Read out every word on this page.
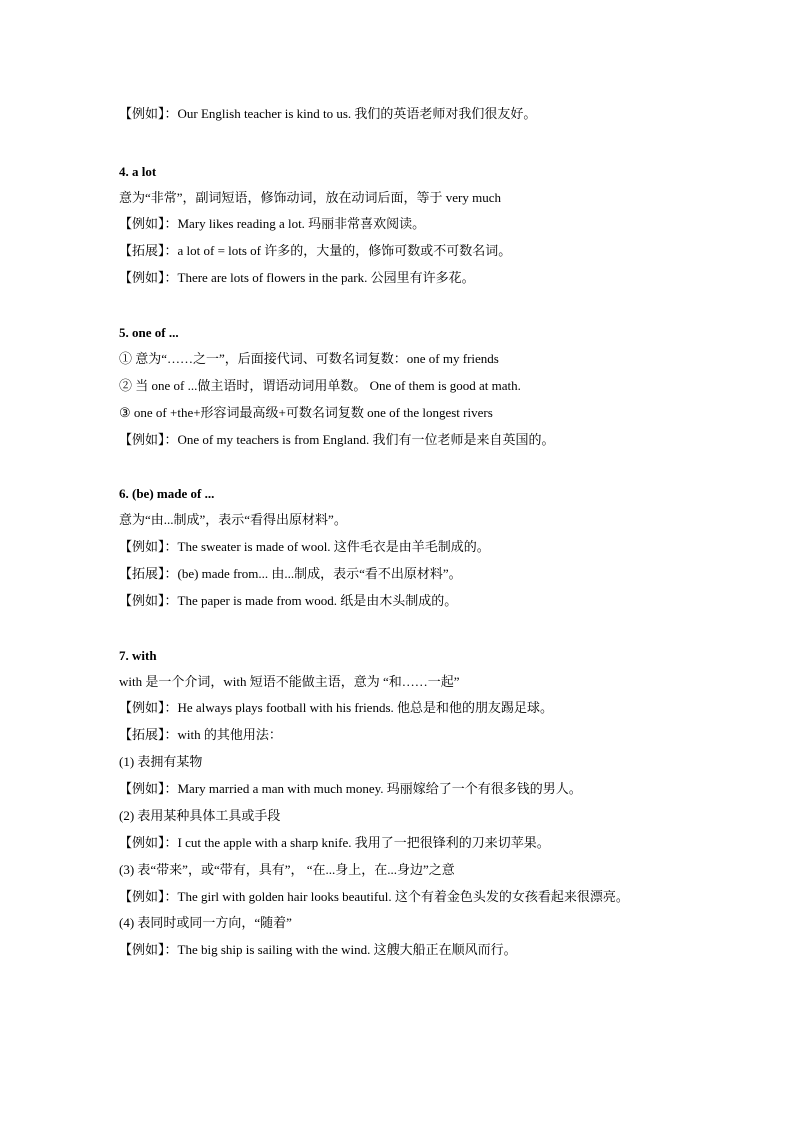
【例如】：Our English teacher is kind to us. 我们的英语老师对我们很友好。
4. a lot
意为“非常”，副词短语，修饰动词，放在动词后面，等于 very much
【例如】：Mary likes reading a lot. 玛丽非常喜欢阅读。
【拓展】：a lot of = lots of 许多的，大量的，修饰可数或不可数名词。
【例如】：There are lots of flowers in the park. 公园里有许多花。
5. one of ...
① 意为“……之一”，后面接代词、可数名词复数：one of my friends
② 当 one of ...做主语时，谓语动词用单数。 One of them is good at math.
③ one of +the+形容词最高级+可数名词复数 one of the longest rivers
【例如】：One of my teachers is from England. 我们有一位老师是来自英国的。
6. (be) made of ...
意为“由...制成”，表示“看得出原材料”。
【例如】：The sweater is made of wool. 这件毛衣是由羊毛制成的。
【拓展】：(be) made from... 由...制成，表示“看不出原材料”。
【例如】：The paper is made from wood. 纸是由木头制成的。
7. with
with 是一个介词，with 短语不能做主语，意为 “和……一起”
【例如】：He always plays football with his friends. 他总是和他的朋友踢足球。
【拓展】：with 的其他用法：
(1) 表拥有某物
【例如】：Mary married a man with much money. 玛丽嫁给了一个有很多钱的男人。
(2) 表用某种具体工具或手段
【例如】：I cut the apple with a sharp knife. 我用了一把很锋利的刀来切苹果。
(3) 表“带来”，或“带有，具有”， “在...身上，在...身边”之意
【例如】：The girl with golden hair looks beautiful. 这个有着金色头发的女孩看起来很漂亮。
(4) 表同时或同一方向，“随着”
【例如】：The big ship is sailing with the wind. 这艘大船正在顺风而行。
